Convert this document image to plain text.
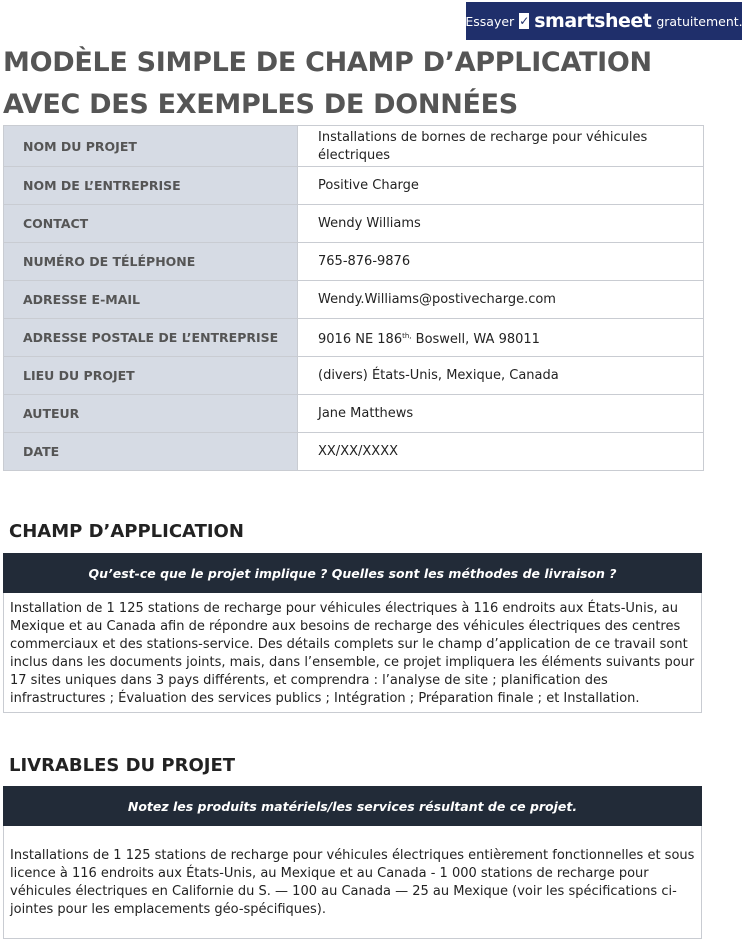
Essayer ✓ smartsheet gratuitement.
MODÈLE SIMPLE DE CHAMP D’APPLICATION AVEC DES EXEMPLES DE DONNÉES
NOM DU PROJET	Installations de bornes de recharge pour véhicules électriques
NOM DE L’ENTREPRISE	Positive Charge
CONTACT	Wendy Williams
NUMÉRO DE TÉLÉPHONE	765-876-9876
ADRESSE E-MAIL	Wendy.Williams@postivecharge.com
ADRESSE POSTALE DE L’ENTREPRISE	9016 NE $186^{th,}$ Boswell, WA 98011
LIEU DU PROJET	(divers) États-Unis, Mexique, Canada
AUTEUR	Jane Matthews
DATE	XX/XX/XXXX
CHAMP D’APPLICATION
Qu’est-ce que le projet implique ? Quelles sont les méthodes de livraison ?
Installation de 1 125 stations de recharge pour véhicules électriques à 116 endroits aux États-Unis, au Mexique et au Canada afin de répondre aux besoins de recharge des véhicules électriques des centres commerciaux et des stations-service. Des détails complets sur le champ d’application de ce travail sont inclus dans les documents joints, mais, dans l’ensemble, ce projet impliquera les éléments suivants pour 17 sites uniques dans 3 pays différents, et comprendra : l’analyse de site ; planification des infrastructures ; Évaluation des services publics ; Intégration ; Préparation finale ; et Installation.
LIVRABLES DU PROJET
Notez les produits matériels/les services résultant de ce projet.
Installations de 1 125 stations de recharge pour véhicules électriques entièrement fonctionnelles et sous licence à 116 endroits aux États-Unis, au Mexique et au Canada - 1 000 stations de recharge pour véhicules électriques en Californie du S. — 100 au Canada — 25 au Mexique (voir les spécifications ci-jointes pour les emplacements géo-spécifiques).
